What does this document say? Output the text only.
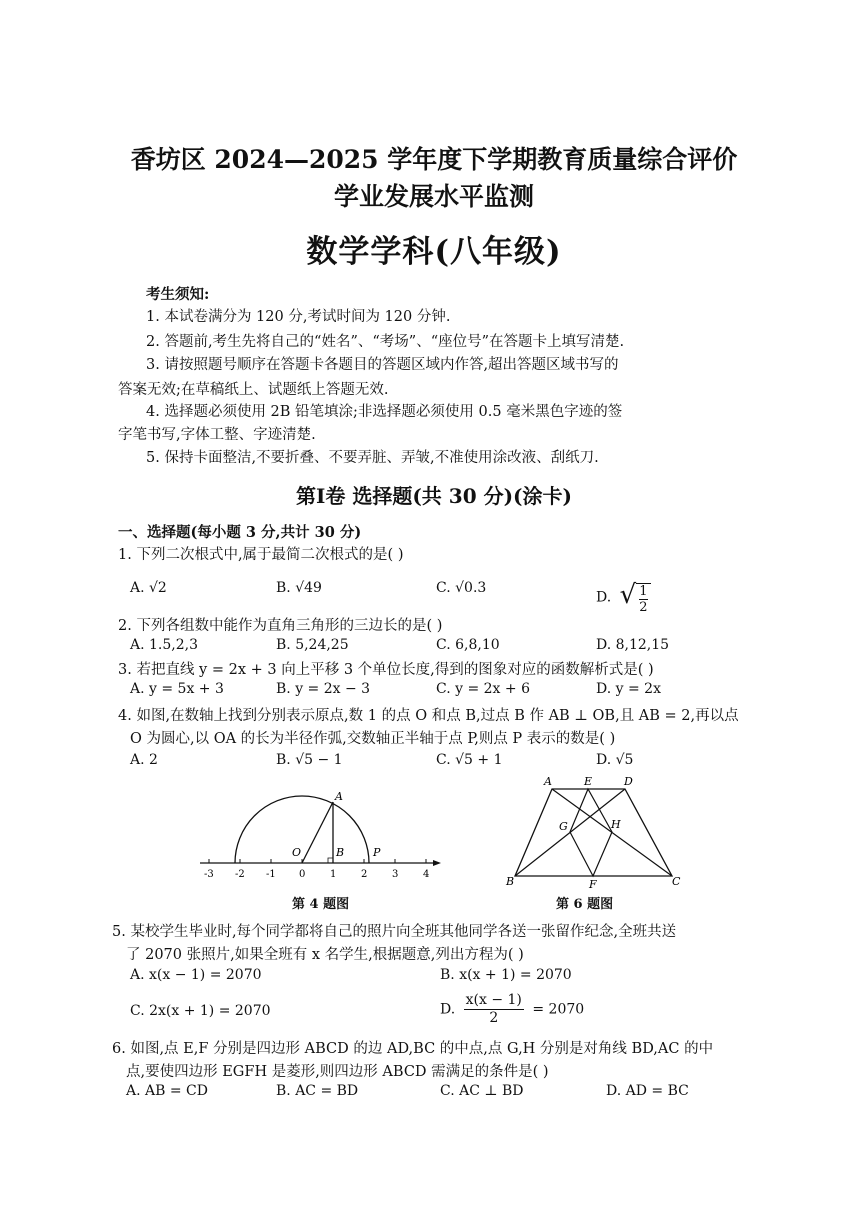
香坊区 2024—2025 学年度下学期教育质量综合评价
学业发展水平监测
数学学科(八年级)
考生须知:
1. 本试卷满分为 120 分,考试时间为 120 分钟.
2. 答题前,考生先将自己的“姓名”、“考场”、“座位号”在答题卡上填写清楚.
3. 请按照题号顺序在答题卡各题目的答题区域内作答,超出答题区域书写的
答案无效;在草稿纸上、试题纸上答题无效.
4. 选择题必须使用 2B 铅笔填涂;非选择题必须使用 0.5 毫米黑色字迹的签
字笔书写,字体工整、字迹清楚.
5. 保持卡面整洁,不要折叠、不要弄脏、弄皱,不准使用涂改液、刮纸刀.
第Ⅰ卷 选择题(共 30 分)(涂卡)
一、选择题(每小题 3 分,共计 30 分)
1. 下列二次根式中,属于最简二次根式的是( )
A. √2	B. √49	C. √0.3
D. √ $\frac{1}{2}$
2. 下列各组数中能作为直角三角形的三边长的是( )
A. 1.5,2,3	B. 5,24,25	C. 6,8,10	D. 8,12,15
3. 若把直线 y = 2x + 3 向上平移 3 个单位长度,得到的图象对应的函数解析式是( )
A. y = 5x + 3	B. y = 2x − 3	C. y = 2x + 6	D. y = 2x
4. 如图,在数轴上找到分别表示原点,数 1 的点 O 和点 B,过点 B 作 AB ⊥ OB,且 AB = 2,再以点
O 为圆心,以 OA 的长为半径作弧,交数轴正半轴于点 P,则点 P 表示的数是( )
A. 2	B. √5 − 1	C. √5 + 1	D. √5
-3 -2 -1 0 1 2 3 4
A
O	B	P
第 4 题图
A	E	D
G	H
B	F	C
第 6 题图
5. 某校学生毕业时,每个同学都将自己的照片向全班其他同学各送一张留作纪念,全班共送
了 2070 张照片,如果全班有 x 名学生,根据题意,列出方程为( )
A. x(x − 1) = 2070	B. x(x + 1) = 2070
C. 2x(x + 1) = 2070	D. $\frac{x(x - 1)}{2} = 2070$
6. 如图,点 E,F 分别是四边形 ABCD 的边 AD,BC 的中点,点 G,H 分别是对角线 BD,AC 的中
点,要使四边形 EGFH 是菱形,则四边形 ABCD 需满足的条件是( )
A. AB = CD	B. AC = BD	C. AC ⊥ BD	D. AD = BC
